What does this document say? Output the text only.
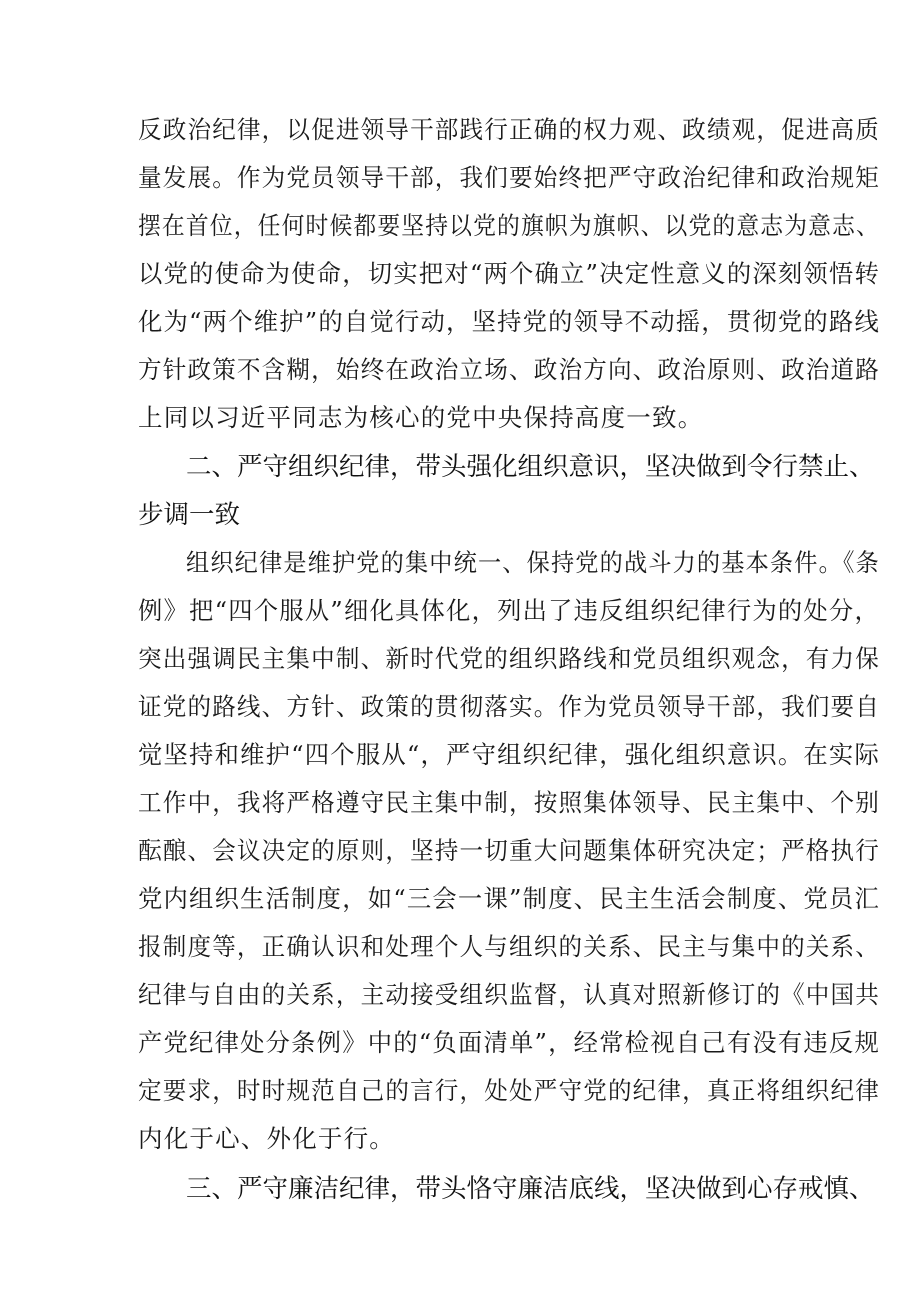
反政治纪律，以促进领导干部践行正确的权力观、政绩观，促进高质
量发展。作为党员领导干部，我们要始终把严守政治纪律和政治规矩
摆在首位，任何时候都要坚持以党的旗帜为旗帜、以党的意志为意志、
以党的使命为使命，切实把对“两个确立”决定性意义的深刻领悟转
化为“两个维护”的自觉行动，坚持党的领导不动摇，贯彻党的路线
方针政策不含糊，始终在政治立场、政治方向、政治原则、政治道路
上同以习近平同志为核心的党中央保持高度一致。
二、严守组织纪律，带头强化组织意识，坚决做到令行禁止、
步调一致
组织纪律是维护党的集中统一、保持党的战斗力的基本条件。《条
例》把“四个服从”细化具体化，列出了违反组织纪律行为的处分，
突出强调民主集中制、新时代党的组织路线和党员组织观念，有力保
证党的路线、方针、政策的贯彻落实。作为党员领导干部，我们要自
觉坚持和维护“四个服从“，严守组织纪律，强化组织意识。在实际
工作中，我将严格遵守民主集中制，按照集体领导、民主集中、个别
酝酿、会议决定的原则，坚持一切重大问题集体研究决定；严格执行
党内组织生活制度，如“三会一课”制度、民主生活会制度、党员汇
报制度等，正确认识和处理个人与组织的关系、民主与集中的关系、
纪律与自由的关系，主动接受组织监督，认真对照新修订的《中国共
产党纪律处分条例》中的“负面清单”，经常检视自己有没有违反规
定要求，时时规范自己的言行，处处严守党的纪律，真正将组织纪律
内化于心、外化于行。
三、严守廉洁纪律，带头恪守廉洁底线，坚决做到心存戒慎、
